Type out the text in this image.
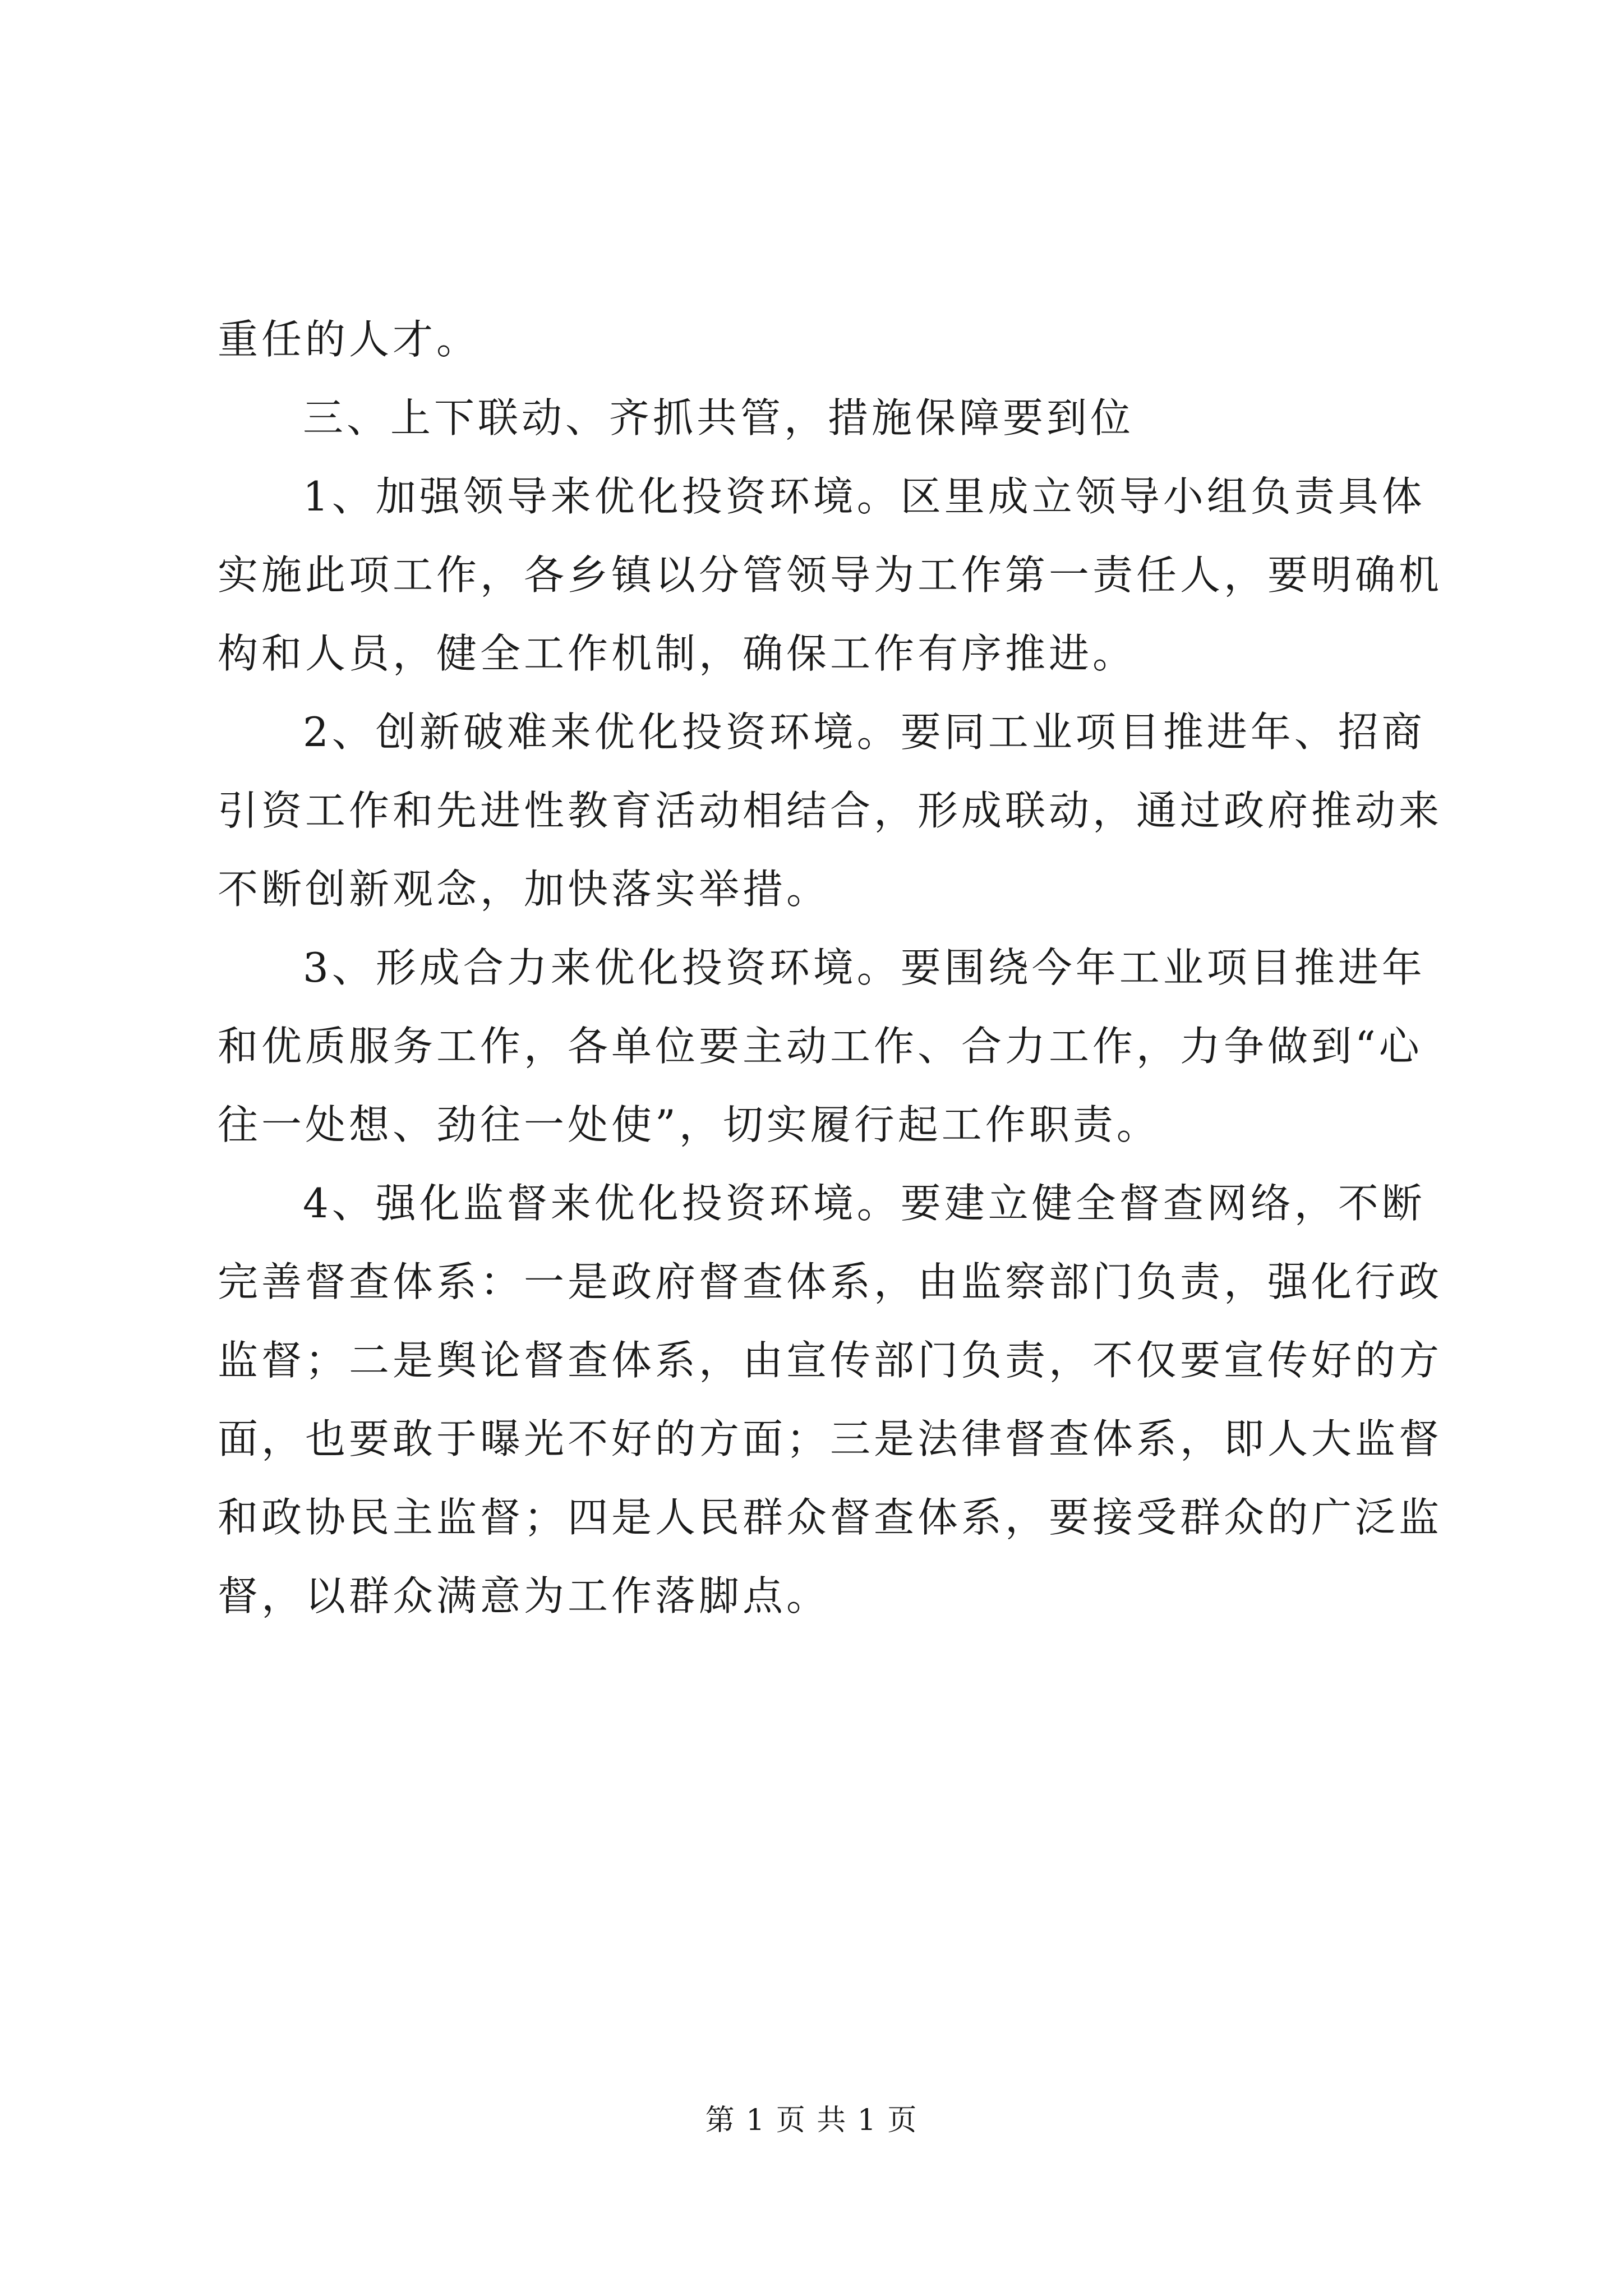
重任的人才。
三、上下联动、齐抓共管，措施保障要到位
1、加强领导来优化投资环境。区里成立领导小组负责具体
实施此项工作，各乡镇以分管领导为工作第一责任人，要明确机
构和人员，健全工作机制，确保工作有序推进。
2、创新破难来优化投资环境。要同工业项目推进年、招商
引资工作和先进性教育活动相结合，形成联动，通过政府推动来
不断创新观念，加快落实举措。
3、形成合力来优化投资环境。要围绕今年工业项目推进年
和优质服务工作，各单位要主动工作、合力工作，力争做到“心
往一处想、劲往一处使”，切实履行起工作职责。
4、强化监督来优化投资环境。要建立健全督查网络，不断
完善督查体系：一是政府督查体系，由监察部门负责，强化行政
监督；二是舆论督查体系，由宣传部门负责，不仅要宣传好的方
面，也要敢于曝光不好的方面；三是法律督查体系，即人大监督
和政协民主监督；四是人民群众督查体系，要接受群众的广泛监
督，以群众满意为工作落脚点。
第 1 页 共 1 页
